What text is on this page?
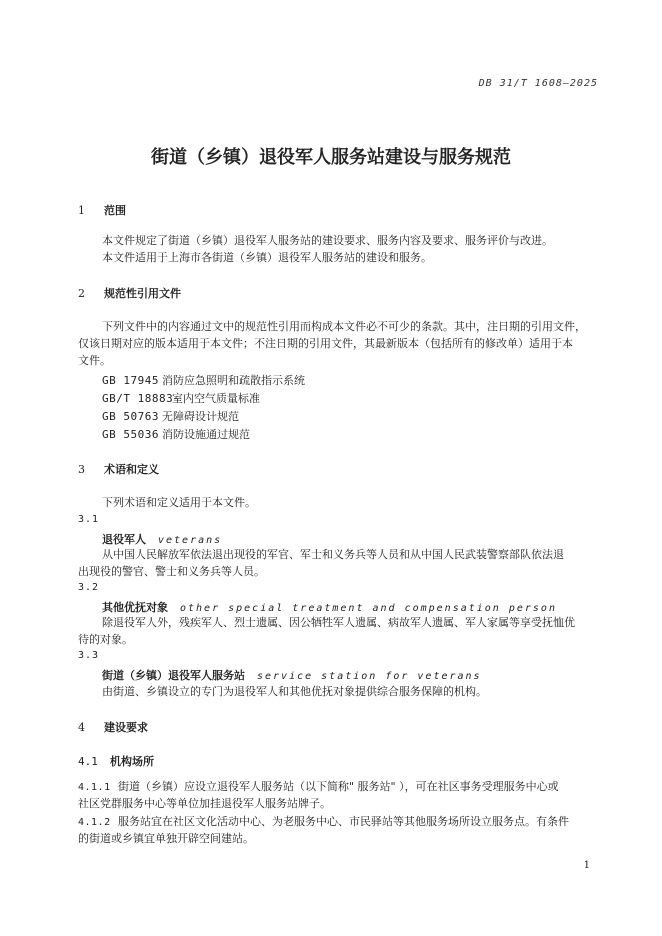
DB 31/T 1608—2025
街道（乡镇）退役军人服务站建设与服务规范
1 范围
本文件规定了街道（乡镇）退役军人服务站的建设要求、服务内容及要求、服务评价与改进。
本文件适用于上海市各街道（乡镇）退役军人服务站的建设和服务。
2 规范性引用文件
下列文件中的内容通过文中的规范性引用而构成本文件必不可少的条款。其中，注日期的引用文件，
仅该日期对应的版本适用于本文件；不注日期的引用文件，其最新版本（包括所有的修改单）适用于本
文件。
GB 17945 消防应急照明和疏散指示系统
GB/T 18883室内空气质量标准
GB 50763 无障碍设计规范
GB 55036 消防设施通过规范
3 术语和定义
下列术语和定义适用于本文件。
3.1
退役军人 veterans
从中国人民解放军依法退出现役的军官、军士和义务兵等人员和从中国人民武装警察部队依法退
出现役的警官、警士和义务兵等人员。
3.2
其他优抚对象 other special treatment and compensation person
除退役军人外，残疾军人、烈士遗属、因公牺牲军人遗属、病故军人遗属、军人家属等享受抚恤优
待的对象。
3.3
街道（乡镇）退役军人服务站 service station for veterans
由街道、乡镇设立的专门为退役军人和其他优抚对象提供综合服务保障的机构。
4 建设要求
4.1 机构场所
4.1.1 街道（乡镇）应设立退役军人服务站（以下简称" 服务站" ），可在社区事务受理服务中心或
社区党群服务中心等单位加挂退役军人服务站牌子。
4.1.2 服务站宜在社区文化活动中心、为老服务中心、市民驿站等其他服务场所设立服务点。有条件
的街道或乡镇宜单独开辟空间建站。
1
